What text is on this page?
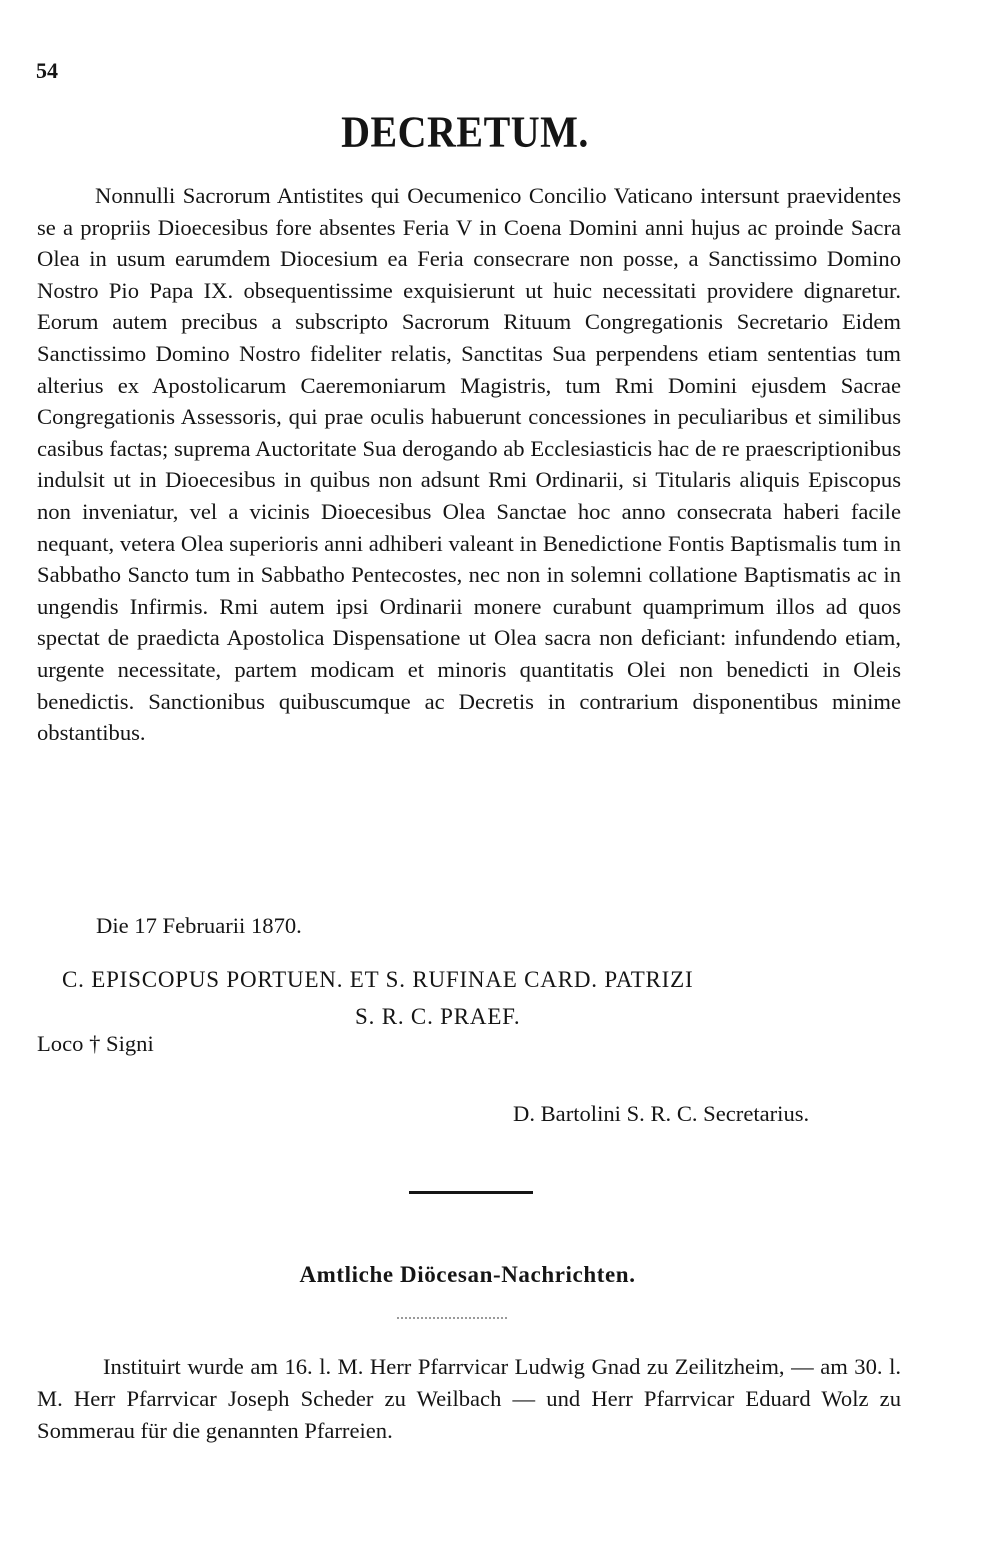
54
DECRETUM.

Nonnulli Sacrorum Antistites qui Oecumenico Concilio Vaticano intersunt praevidentes se a propriis Dioecesibus fore absentes Feria V in Coena Domini anni hujus ac proinde Sacra Olea in usum earumdem Diocesium ea Feria consecrare non posse, a Sanctissimo Domino Nostro Pio Papa IX. obsequentissime exquisierunt ut huic necessitati providere dignaretur. Eorum autem precibus a subscripto Sacrorum Rituum Congregationis Secretario Eidem Sanctissimo Domino Nostro fideliter relatis, Sanctitas Sua perpendens etiam sententias tum alterius ex Apostolicarum Caeremoniarum Magistris, tum Rmi Domini ejusdem Sacrae Congregationis Assessoris, qui prae oculis habuerunt concessiones in peculiaribus et similibus casibus factas; suprema Auctoritate Sua derogando ab Ecclesiasticis hac de re praescriptionibus indulsit ut in Dioecesibus in quibus non adsunt Rmi Ordinarii, si Titularis aliquis Episcopus non inveniatur, vel a vicinis Dioecesibus Olea Sanctae hoc anno consecrata haberi facile nequant, vetera Olea superioris anni adhiberi valeant in Benedictione Fontis Baptismalis tum in Sabbatho Sancto tum in Sabbatho Pentecostes, nec non in solemni collatione Baptismatis ac in ungendis Infirmis. Rmi autem ipsi Ordinarii monere curabunt quamprimum illos ad quos spectat de praedicta Apostolica Dispensatione ut Olea sacra non deficiant: infundendo etiam, urgente necessitate, partem modicam et minoris quantitatis Olei non benedicti in Oleis benedictis. Sanctionibus quibuscumque ac Decretis in contrarium disponentibus minime obstantibus.

Die 17 Februarii 1870.
C. EPISCOPUS PORTUEN. ET S. RUFINAE CARD. PATRIZI
S. R. C. PRAEF.
Loco † Signi
D. Bartolini S. R. C. Secretarius.
Amtliche Diöcesan-Nachrichten.

Instituirt wurde am 16. l. M. Herr Pfarrvicar Ludwig Gnad zu Zeilitzheim, — am 30. l. M. Herr Pfarrvicar Joseph Scheder zu Weilbach — und Herr Pfarrvicar Eduard Wolz zu Sommerau für die genannten Pfarreien.
